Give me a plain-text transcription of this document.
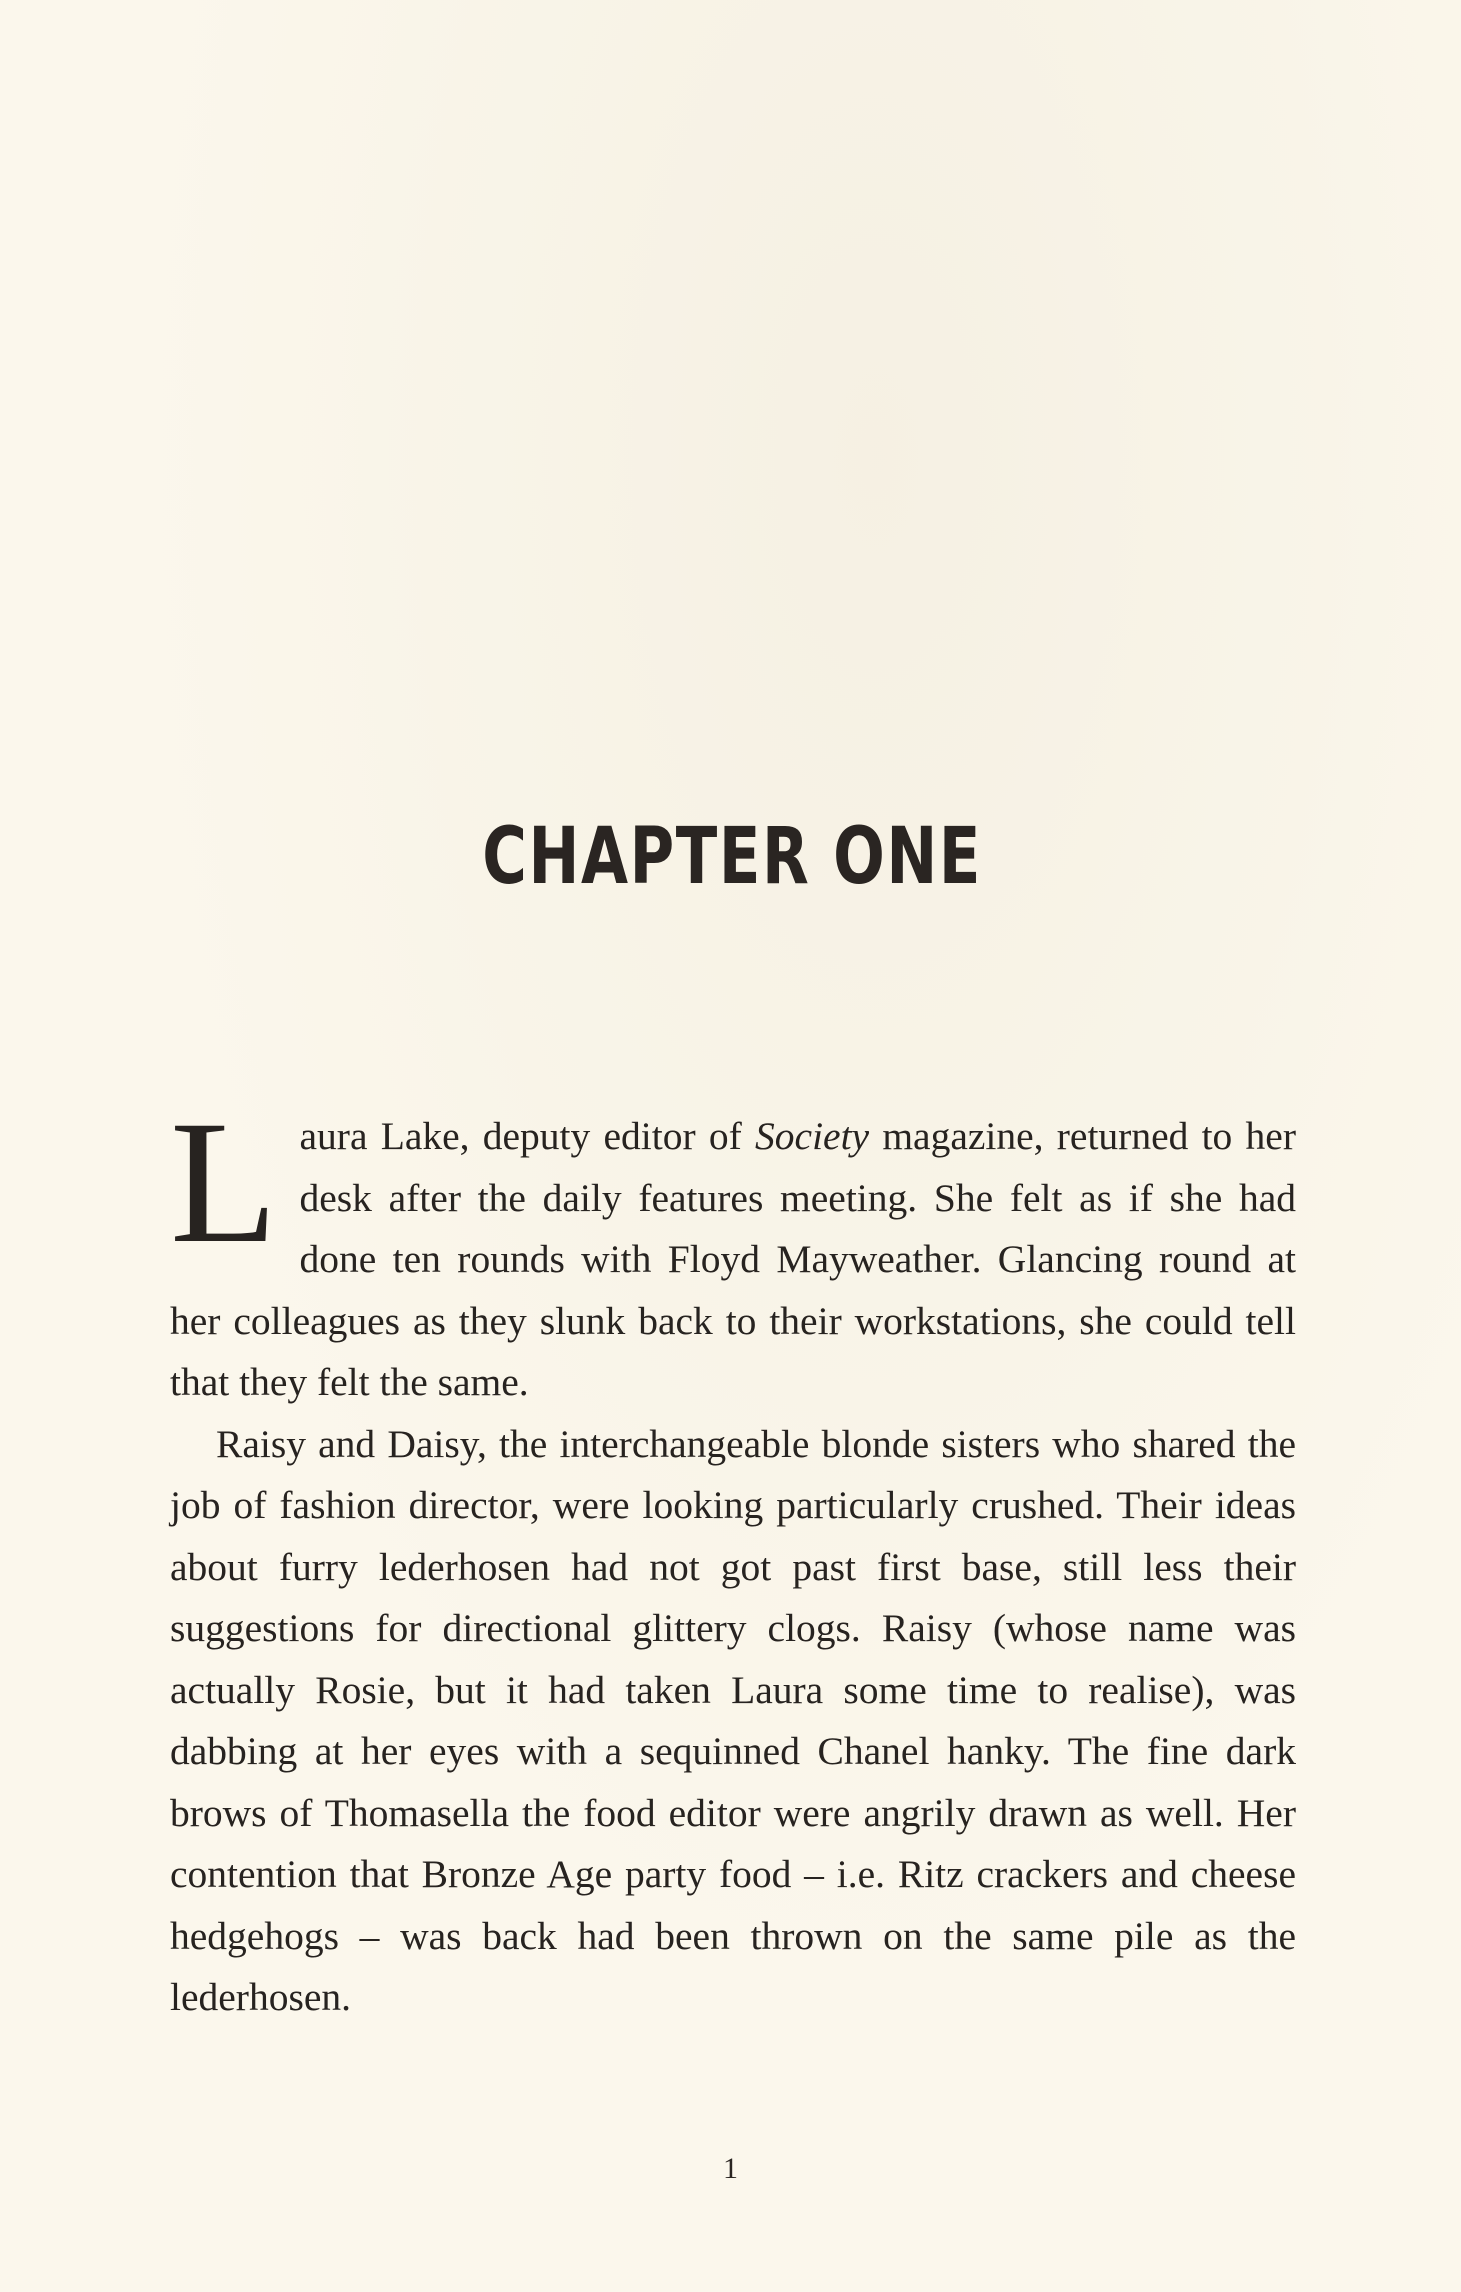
CHAPTER ONE

Laura Lake, deputy editor of Society magazine, returned to her desk after the daily features meeting. She felt as if she had done ten rounds with Floyd Mayweather. Glancing round at her colleagues as they slunk back to their workstations, she could tell that they felt the same.

Raisy and Daisy, the interchangeable blonde sisters who shared the job of fashion director, were looking particularly crushed. Their ideas about furry lederhosen had not got past first base, still less their suggestions for directional glittery clogs. Raisy (whose name was actually Rosie, but it had taken Laura some time to realise), was dabbing at her eyes with a sequinned Chanel hanky. The fine dark brows of Thomasella the food editor were angrily drawn as well. Her contention that Bronze Age party food – i.e. Ritz crackers and cheese hedgehogs – was back had been thrown on the same pile as the lederhosen.

1
